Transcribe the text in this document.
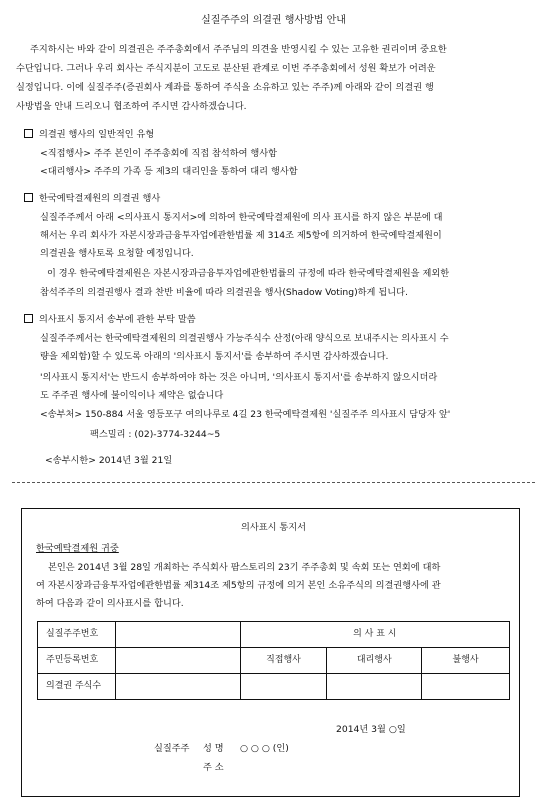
실질주주의 의결권 행사방법 안내
주지하시는 바와 같이 의결권은 주주총회에서 주주님의 의견을 반영시킬 수 있는 고유한 권리이며 중요한
수단입니다. 그러나 우리 회사는 주식지분이 고도로 분산된 관계로 이번 주주총회에서 성원 확보가 어려운
실정입니다. 이에 실질주주(증권회사 계좌를 통하여 주식을 소유하고 있는 주주)께 아래와 같이 의결권 행
사방법을 안내 드리오니 협조하여 주시면 감사하겠습니다.
의결권 행사의 일반적인 유형
<직접행사> 주주 본인이 주주총회에 직접 참석하여 행사함
<대리행사> 주주의 가족 등 제3의 대리인을 통하여 대리 행사함
한국예탁결제원의 의결권 행사
실질주주께서 아래 <의사표시 통지서>에 의하여 한국예탁결제원에 의사 표시를 하지 않은 부분에 대
해서는 우리 회사가 자본시장과금융투자업에관한법률 제 314조 제5항에 의거하여 한국예탁결제원이
의결권을 행사토록 요청할 예정입니다.
이 경우 한국예탁결제원은 자본시장과금융투자업에관한법률의 규정에 따라 한국예탁결제원을 제외한
참석주주의 의결권행사 결과 찬반 비율에 따라 의결권을 행사(Shadow Voting)하게 됩니다.
의사표시 통지서 송부에 관한 부탁 말씀
실질주주께서는 한국예탁결제원의 의결권행사 가능주식수 산정(아래 양식으로 보내주시는 의사표시 수
량을 제외함)할 수 있도록 아래의 '의사표시 통지서'를 송부하여 주시면 감사하겠습니다.
'의사표시 통지서'는 반드시 송부하여야 하는 것은 아니며, '의사표시 통지서'를 송부하지 않으시더라
도 주주권 행사에 불이익이나 제약은 없습니다
<송부처> 150-884 서울 영등포구 여의나루로 4길 23 한국예탁결제원 '실질주주 의사표시 담당자 앞'
팩스밀리 : (02)-3774-3244~5
<송부시한> 2014년 3월 21일
의사표시 통지서
한국예탁결제원 귀중
본인은 2014년 3월 28일 개최하는 주식회사 팜스토리의 23기 주주총회 및 속회 또는 연회에 대하
여 자본시장과금융투자업에관한법률 제314조 제5항의 규정에 의거 본인 소유주식의 의결권행사에 관
하여 다음과 같이 의사표시를 합니다.
실질주주번호		의 사 표 시		
주민등록번호		직접행사	대리행사	불행사
의결권 주식수				
2014년 3월 ○일
실질주주 성 명 ○ ○ ○ (인)
주 소
